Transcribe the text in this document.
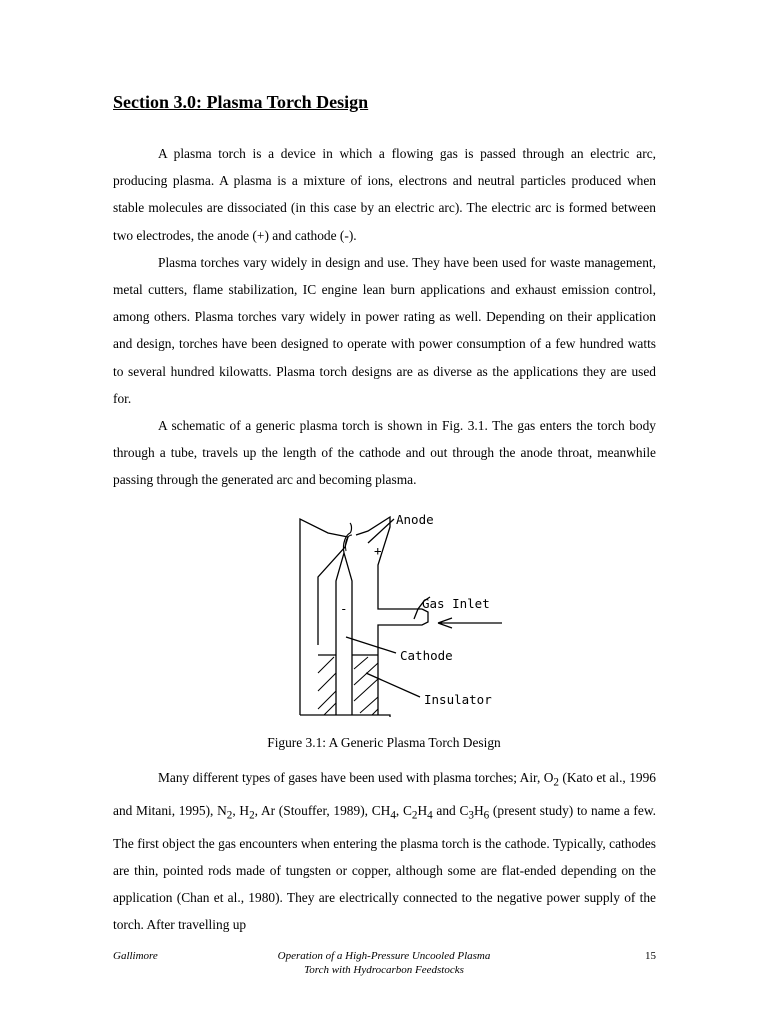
Section 3.0: Plasma Torch Design

A plasma torch is a device in which a flowing gas is passed through an electric arc, producing plasma. A plasma is a mixture of ions, electrons and neutral particles produced when stable molecules are dissociated (in this case by an electric arc). The electric arc is formed between two electrodes, the anode (+) and cathode (-).

Plasma torches vary widely in design and use. They have been used for waste management, metal cutters, flame stabilization, IC engine lean burn applications and exhaust emission control, among others. Plasma torches vary widely in power rating as well. Depending on their application and design, torches have been designed to operate with power consumption of a few hundred watts to several hundred kilowatts. Plasma torch designs are as diverse as the applications they are used for.

A schematic of a generic plasma torch is shown in Fig. 3.1. The gas enters the torch body through a tube, travels up the length of the cathode and out through the anode throat, meanwhile passing through the generated arc and becoming plasma.

Anode
Gas Inlet
Cathode
Insulator
+
-
Figure 3.1: A Generic Plasma Torch Design

Many different types of gases have been used with plasma torches; Air, $O_2$ (Kato et al., 1996 and Mitani, 1995), $N_2$, $H_2$, Ar (Stouffer, 1989), $CH_4$, $C_2H_4$ and $C_3H_6$ (present study) to name a few. The first object the gas encounters when entering the plasma torch is the cathode. Typically, cathodes are thin, pointed rods made of tungsten or copper, although some are flat-ended depending on the application (Chan et al., 1980). They are electrically connected to the negative power supply of the torch. After travelling up

Gallimore	Operation of a High-Pressure Uncooled Plasma
Torch with Hydrocarbon Feedstocks
15
